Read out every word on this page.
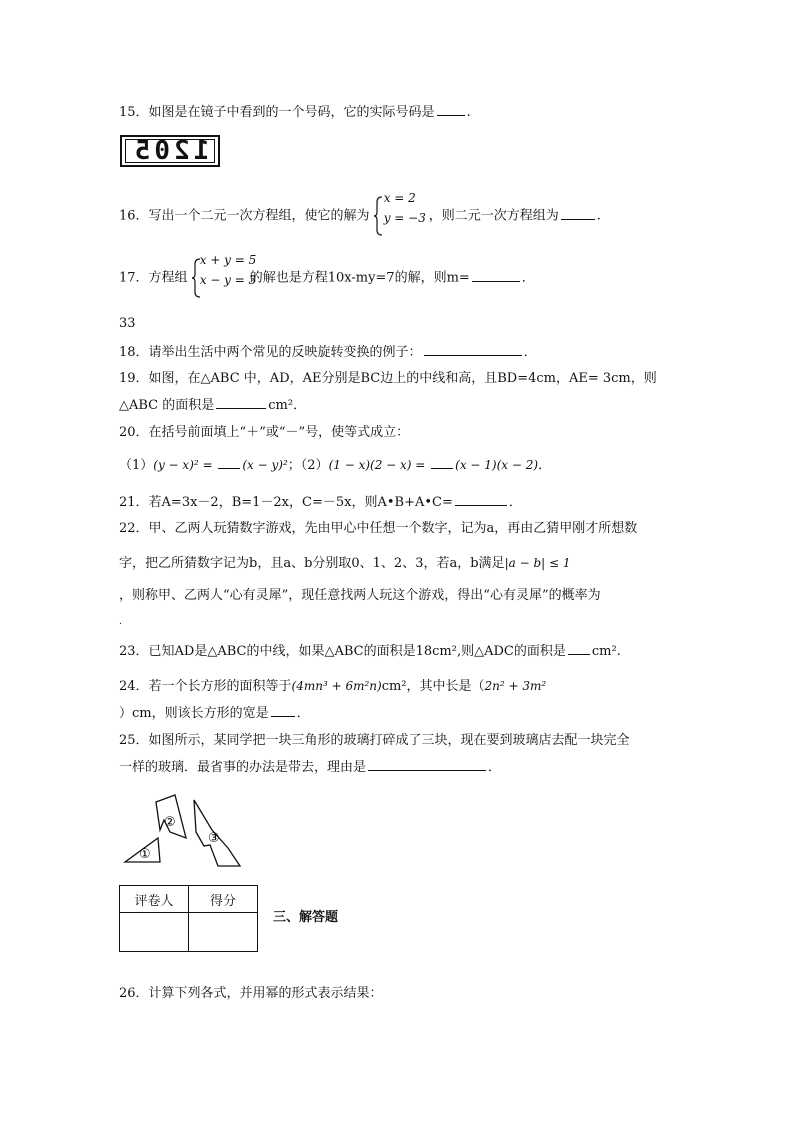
15．如图是在镜子中看到的一个号码，它的实际号码是 .
1205
16．写出一个二元一次方程组，使它的解为
x = 2
y = −3 ，则二元一次方程组为	.
17．方程组
x + y = 5
x − y = 3
的解也是方程10x-my=7的解，则m=	．
33
18．请举出生活中两个常见的反映旋转变换的例子：	．
19．如图，在△ABC 中，AD，AE分别是BC边上的中线和高，且BD=4cm，AE= 3cm，则
△ABC 的面积是	cm²．
20．在括号前面填上“＋”或“－”号，使等式成立：
（1）(y − x)² = (x − y)²；（2）(1 − x)(2 − x) = (x − 1)(x − 2)．
21．若A=3x－2，B=1－2x，C=－5x，则A•B+A•C=	．
22．甲、乙两人玩猜数字游戏，先由甲心中任想一个数字，记为a，再由乙猜甲刚才所想数
字，把乙所猜数字记为b，且a、b分别取0、1、2、3，若a，b满足|a − b| ≤ 1
，则称甲、乙两人“心有灵犀”，现任意找两人玩这个游戏，得出“心有灵犀”的概率为
.
23．已知AD是△ABC的中线，如果△ABC的面积是18cm²,则△ADC的面积是 cm².
24．若一个长方形的面积等于(4mn³ + 6m²n)cm²，其中长是（2n² + 3m²
）cm，则该长方形的宽是 ．
25．如图所示，某同学把一块三角形的玻璃打碎成了三块，现在要到玻璃店去配一块完全
一样的玻璃．最省事的办法是带去，理由是	．
①
②
③
评卷人	得分

三、解答题
26．计算下列各式，并用幂的形式表示结果：
